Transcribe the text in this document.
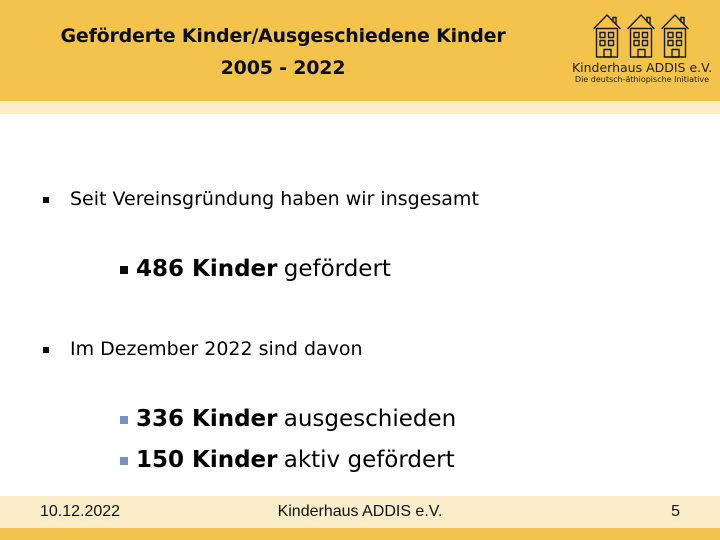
Geförderte Kinder/Ausgeschiedene Kinder
2005 - 2022	Kinderhaus ADDIS e.V.
Die deutsch-äthiopische Initiative
Seit Vereinsgründung haben wir insgesamt
486 Kinder gefördert
Im Dezember 2022 sind davon
336 Kinder ausgeschieden
150 Kinder aktiv gefördert
10.12.2022	Kinderhaus ADDIS e.V.	5
